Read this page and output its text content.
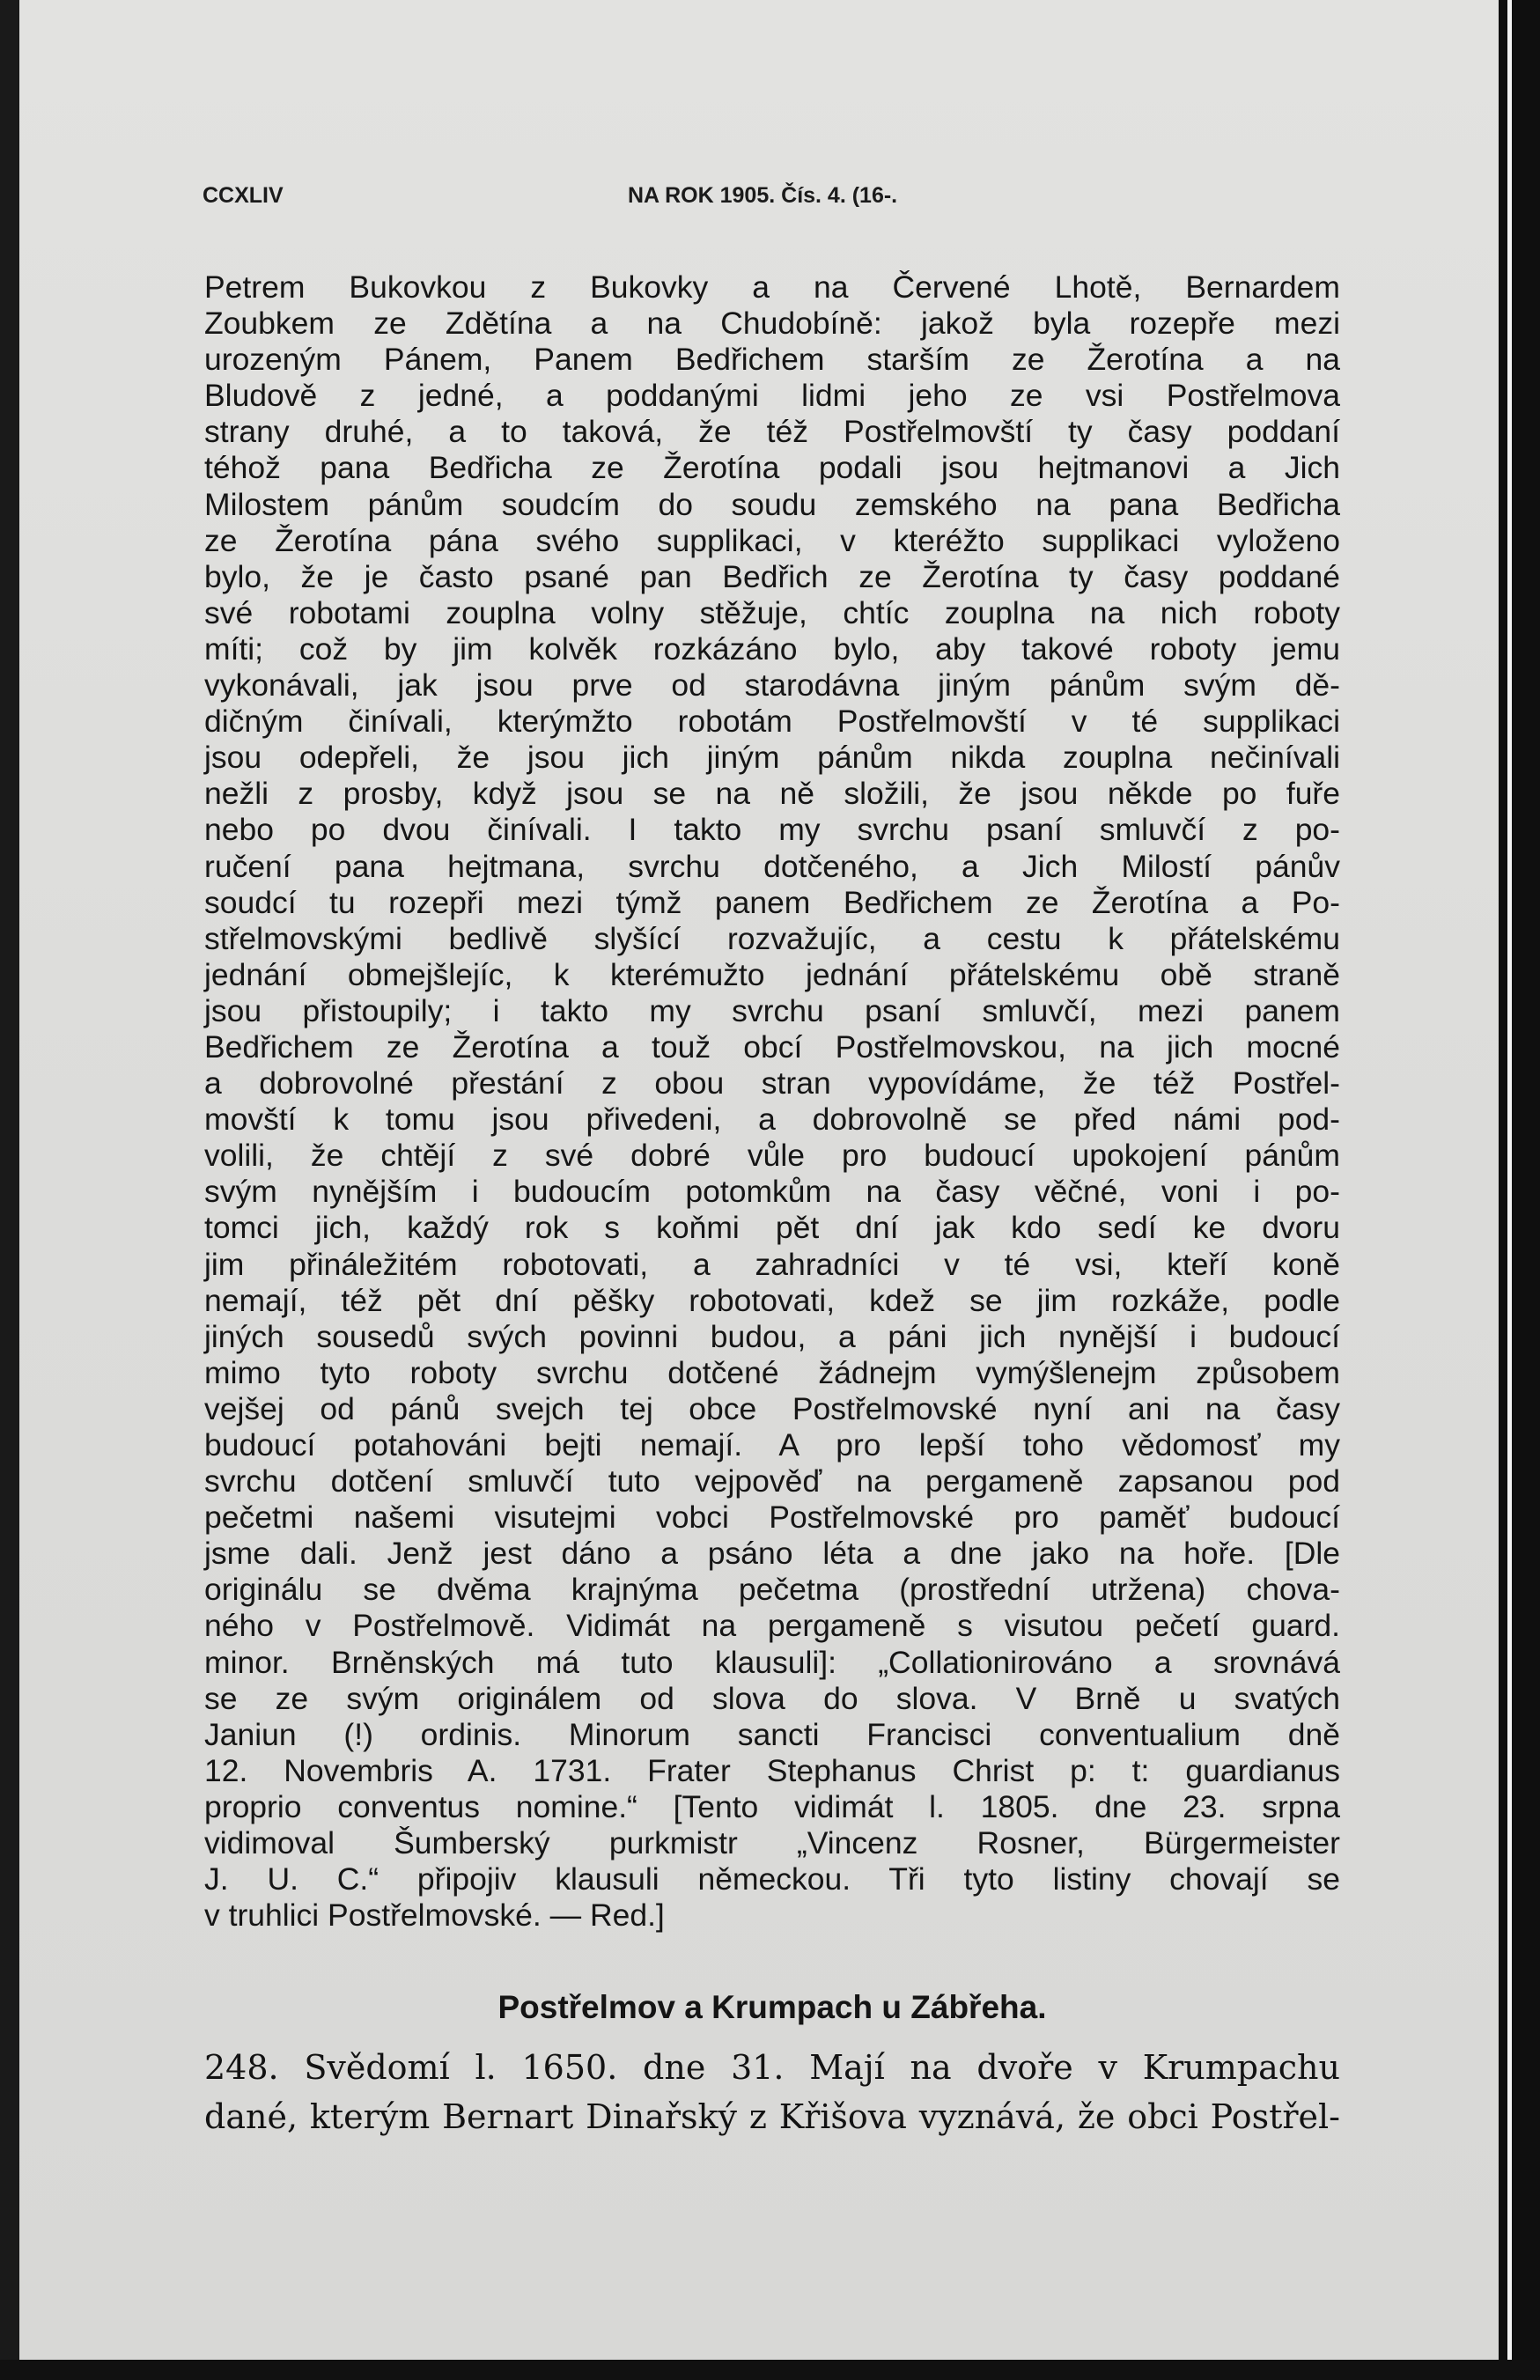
CCXLIV	NA ROK 1905. Čís. 4. (16-.
Petrem Bukovkou z Bukovky a na Červené Lhotě, Bernardem
Zoubkem ze Zdětína a na Chudobíně: jakož byla rozepře mezi
urozeným Pánem, Panem Bedřichem starším ze Žerotína a na
Bludově z jedné, a poddanými lidmi jeho ze vsi Postřelmova
strany druhé, a to taková, že též Postřelmovští ty časy poddaní
téhož pana Bedřicha ze Žerotína podali jsou hejtmanovi a Jich
Milostem pánům soudcím do soudu zemského na pana Bedřicha
ze Žerotína pána svého supplikaci, v kteréžto supplikaci vyloženo
bylo, že je často psané pan Bedřich ze Žerotína ty časy poddané
své robotami zouplna volny stěžuje, chtíc zouplna na nich roboty
míti; což by jim kolvěk rozkázáno bylo, aby takové roboty jemu
vykonávali, jak jsou prve od starodávna jiným pánům svým dě-
dičným činívali, kterýmžto robotám Postřelmovští v té supplikaci
jsou odepřeli, že jsou jich jiným pánům nikda zouplna nečinívali
nežli z prosby, když jsou se na ně složili, že jsou někde po fuře
nebo po dvou činívali. I takto my svrchu psaní smluvčí z po-
ručení pana hejtmana, svrchu dotčeného, a Jich Milostí pánův
soudcí tu rozepři mezi týmž panem Bedřichem ze Žerotína a Po-
střelmovskými bedlivě slyšící rozvažujíc, a cestu k přátelskému
jednání obmejšlejíc, k kterémužto jednání přátelskému obě straně
jsou přistoupily; i takto my svrchu psaní smluvčí, mezi panem
Bedřichem ze Žerotína a touž obcí Postřelmovskou, na jich mocné
a dobrovolné přestání z obou stran vypovídáme, že též Postřel-
movští k tomu jsou přivedeni, a dobrovolně se před námi pod-
volili, že chtějí z své dobré vůle pro budoucí upokojení pánům
svým nynějším i budoucím potomkům na časy věčné, voni i po-
tomci jich, každý rok s koňmi pět dní jak kdo sedí ke dvoru
jim přináležitém robotovati, a zahradníci v té vsi, kteří koně
nemají, též pět dní pěšky robotovati, kdež se jim rozkáže, podle
jiných sousedů svých povinni budou, a páni jich nynější i budoucí
mimo tyto roboty svrchu dotčené žádnejm vymýšlenejm způsobem
vejšej od pánů svejch tej obce Postřelmovské nyní ani na časy
budoucí potahováni bejti nemají. A pro lepší toho vědomosť my
svrchu dotčení smluvčí tuto vejpověď na pergameně zapsanou pod
pečetmi našemi visutejmi vobci Postřelmovské pro paměť budoucí
jsme dali. Jenž jest dáno a psáno léta a dne jako na hoře. [Dle
originálu se dvěma krajnýma pečetma (prostřední utržena) chova-
ného v Postřelmově. Vidimát na pergameně s visutou pečetí guard.
minor. Brněnských má tuto klausuli]: „Collationirováno a srovnává
se ze svým originálem od slova do slova. V Brně u svatých
Janiun (!) ordinis. Minorum sancti Francisci conventualium dně
12. Novembris A. 1731. Frater Stephanus Christ p: t: guardianus
proprio conventus nomine.“ [Tento vidimát l. 1805. dne 23. srpna
vidimoval Šumberský purkmistr „Vincenz Rosner, Bürgermeister
J. U. C.“ připojiv klausuli německou. Tři tyto listiny chovají se
v truhlici Postřelmovské. — Red.]
Postřelmov a Krumpach u Zábřeha.
248. Svědomí l. 1650. dne 31. Mají na dvoře v Krumpachu
dané, kterým Bernart Dinařský z Křišova vyznává, že obci Postřel-
